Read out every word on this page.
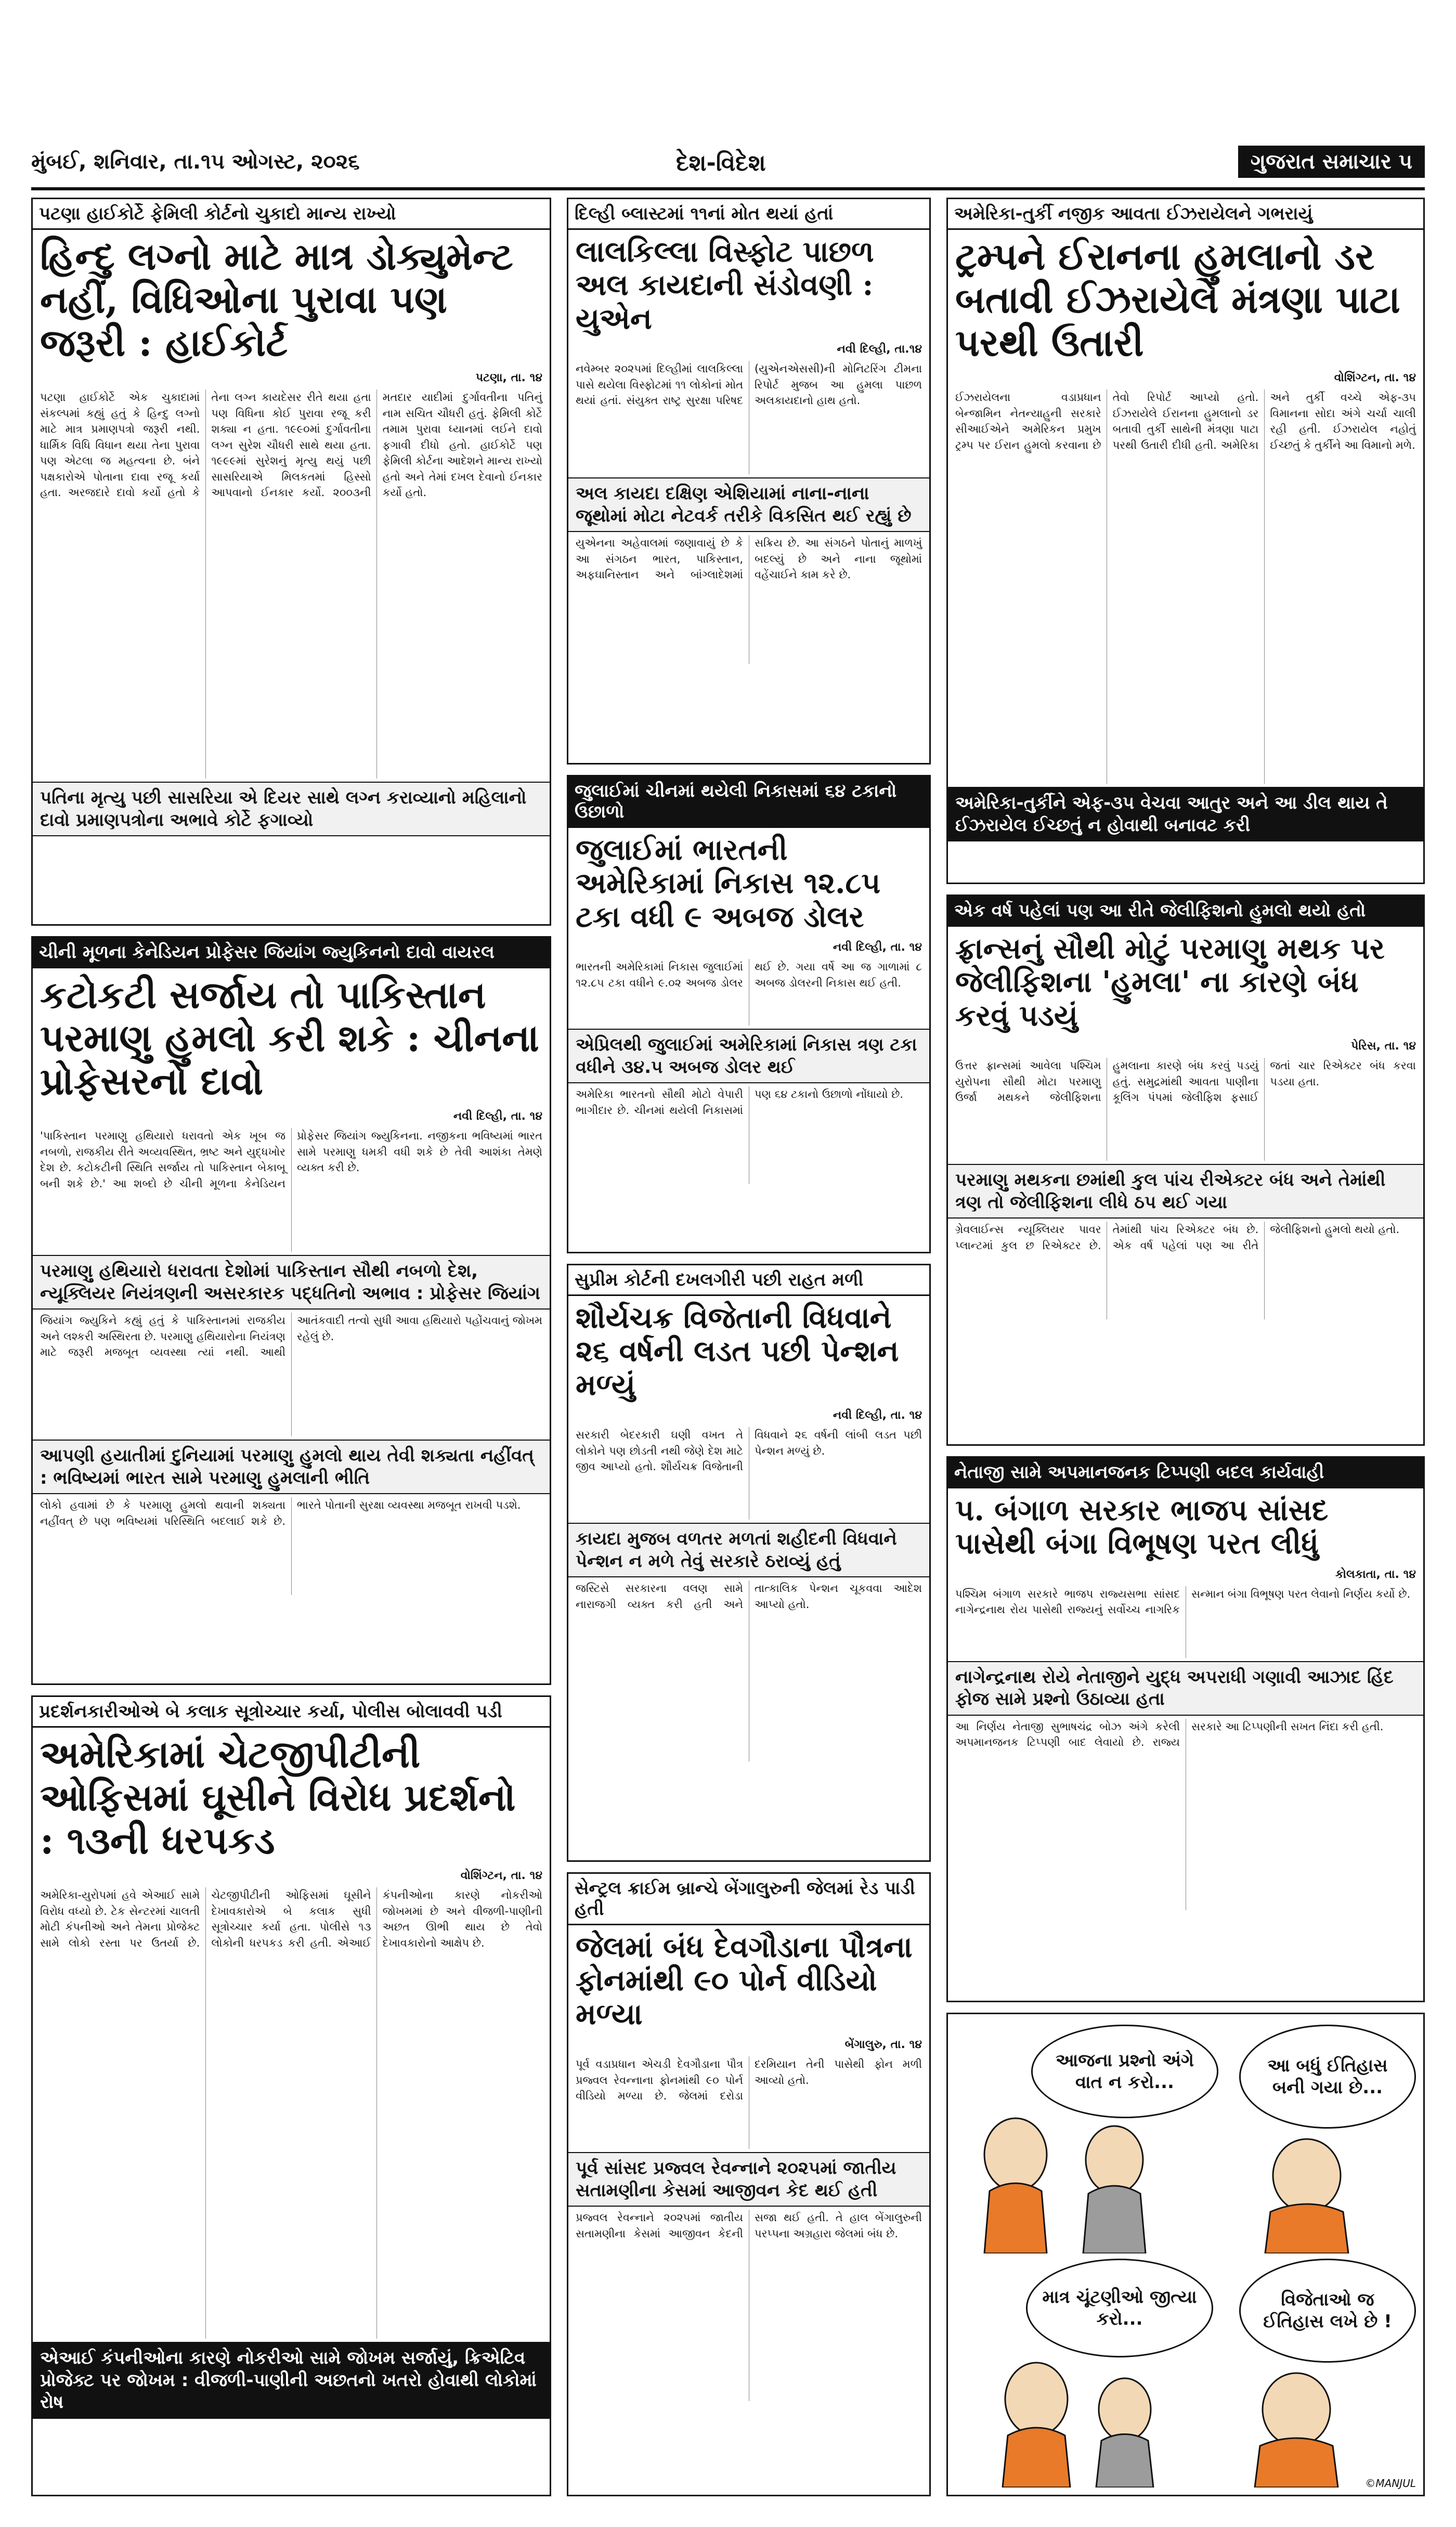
મુંબઈ, શનિવાર, તા.૧૫ ઓગસ્ટ, ૨૦૨૬	દેશ-વિદેશ	ગુજરાત સમાચાર ૫
પટણા હાઈકોર્ટે ફેમિલી કોર્ટનો ચુકાદો માન્ય રાખ્યો
હિન્દુ લગ્નો માટે માત્ર ડોક્યુમેન્ટ નહીં, વિધિઓના પુરાવા પણ જરૂરી : હાઈકોર્ટ
પટણા, તા. ૧૪
પટણા હાઈકોર્ટે એક ચુકાદામાં સંકલ્પમાં કહ્યું હતું કે હિન્દુ લગ્નો માટે માત્ર પ્રમાણપત્રો જરૂરી નથી. ધાર્મિક વિધિ વિધાન થયા તેના પુરાવા પણ એટલા જ મહત્વના છે. બંને પક્ષકારોએ પોતાના દાવા રજૂ કર્યા હતા. અરજદારે દાવો કર્યો હતો કે તેના લગ્ન કાયદેસર રીતે થયા હતા પણ વિધિના કોઈ પુરાવા રજૂ કરી શક્યા ન હતા. ૧૯૯૦માં દુર્ગાવતીના લગ્ન સુરેશ ચૌધરી સાથે થયા હતા. ૧૯૯૯માં સુરેશનું મૃત્યુ થયું પછી સાસરિયાએ મિલકતમાં હિસ્સો આપવાનો ઈનકાર કર્યો. ૨૦૦૩ની મતદાર યાદીમાં દુર્ગાવતીના પતિનું નામ સચિત ચૌધરી હતું. ફેમિલી કોર્ટે તમામ પુરાવા ધ્યાનમાં લઈને દાવો ફગાવી દીધો હતો. હાઈકોર્ટે પણ ફેમિલી કોર્ટના આદેશને માન્ય રાખ્યો હતો અને તેમાં દખલ દેવાનો ઈનકાર કર્યો હતો.
પતિના મૃત્યુ પછી સાસરિયા એ દિયર સાથે લગ્ન કરાવ્યાનો મહિલાનો દાવો પ્રમાણપત્રોના અભાવે કોર્ટે ફગાવ્યો
ચીની મૂળના કેનેડિયન પ્રોફેસર જિયાંગ જ્યુકિનનો દાવો વાયરલ
કટોકટી સર્જાય તો પાકિસ્તાન પરમાણુ હુમલો કરી શકે : ચીનના પ્રોફેસરનો દાવો
નવી દિલ્હી, તા. ૧૪
'પાકિસ્તાન પરમાણુ હથિયારો ધરાવતો એક ખૂબ જ નબળો, રાજકીય રીતે અવ્યવસ્થિત, ભ્રષ્ટ અને યુદ્ધખોર દેશ છે. કટોકટીની સ્થિતિ સર્જાય તો પાકિસ્તાન બેકાબૂ બની શકે છે.' આ શબ્દો છે ચીની મૂળના કેનેડિયન પ્રોફેસર જિયાંગ જ્યુકિનના. નજીકના ભવિષ્યમાં ભારત સામે પરમાણુ ધમકી વધી શકે છે તેવી આશંકા તેમણે વ્યક્ત કરી છે.
પરમાણુ હથિયારો ધરાવતા દેશોમાં પાકિસ્તાન સૌથી નબળો દેશ, ન્યૂક્લિયર નિયંત્રણની અસરકારક પદ્ધતિનો અભાવ : પ્રોફેસર જિયાંગ
જિયાંગ જ્યુકિને કહ્યું હતું કે પાકિસ્તાનમાં રાજકીય અને લશ્કરી અસ્થિરતા છે. પરમાણુ હથિયારોના નિયંત્રણ માટે જરૂરી મજબૂત વ્યવસ્થા ત્યાં નથી. આથી આતંકવાદી તત્વો સુધી આવા હથિયારો પહોંચવાનું જોખમ રહેલું છે.
આપણી હયાતીમાં દુનિયામાં પરમાણુ હુમલો થાય તેવી શક્યતા નહીંવત્ : ભવિષ્યમાં ભારત સામે પરમાણુ હુમલાની ભીતિ
લોકો હવામાં છે કે પરમાણુ હુમલો થવાની શક્યતા નહીંવત્ છે પણ ભવિષ્યમાં પરિસ્થિતિ બદલાઈ શકે છે. ભારતે પોતાની સુરક્ષા વ્યવસ્થા મજબૂત રાખવી પડશે.
પ્રદર્શનકારીઓએ બે કલાક સૂત્રોચ્ચાર કર્યા, પોલીસ બોલાવવી પડી
અમેરિકામાં ચેટજીપીટીની ઓફિસમાં ઘૂસીને વિરોધ પ્રદર્શનો : ૧૩ની ધરપકડ
વોશિંગ્ટન, તા. ૧૪
અમેરિકા-યુરોપમાં હવે એઆઈ સામે વિરોધ વધ્યો છે. ટેક સેન્ટરમાં ચાલતી મોટી કંપનીઓ અને તેમના પ્રોજેક્ટ સામે લોકો રસ્તા પર ઉતર્યા છે. ચેટજીપીટીની ઓફિસમાં ઘૂસીને દેખાવકારોએ બે કલાક સુધી સૂત્રોચ્ચાર કર્યા હતા. પોલીસે ૧૩ લોકોની ધરપકડ કરી હતી. એઆઈ કંપનીઓના કારણે નોકરીઓ જોખમમાં છે અને વીજળી-પાણીની અછત ઊભી થાય છે તેવો દેખાવકારોનો આક્ષેપ છે.
એઆઈ કંપનીઓના કારણે નોકરીઓ સામે જોખમ સર્જાયું, ક્રિએટિવ પ્રોજેક્ટ પર જોખમ : વીજળી-પાણીની અછતનો ખતરો હોવાથી લોકોમાં રોષ
દિલ્હી બ્લાસ્ટમાં ૧૧નાં મોત થયાં હતાં
લાલકિલ્લા વિસ્ફોટ પાછળ અલ કાયદાની સંડોવણી : યુએન
નવી દિલ્હી, તા.૧૪
નવેમ્બર ૨૦૨૫માં દિલ્હીમાં લાલકિલ્લા પાસે થયેલા વિસ્ફોટમાં ૧૧ લોકોનાં મોત થયાં હતાં. સંયુક્ત રાષ્ટ્ર સુરક્ષા પરિષદ (યુએનએસસી)ની મોનિટરિંગ ટીમના રિપોર્ટ મુજબ આ હુમલા પાછળ અલકાયદાનો હાથ હતો.
અલ કાયદા દક્ષિણ એશિયામાં નાના-નાના જૂથોમાં મોટા નેટવર્ક તરીકે વિકસિત થઈ રહ્યું છે
યુએનના અહેવાલમાં જણાવાયું છે કે આ સંગઠન ભારત, પાકિસ્તાન, અફઘાનિસ્તાન અને બાંગ્લાદેશમાં સક્રિય છે. આ સંગઠને પોતાનું માળખું બદલ્યું છે અને નાના જૂથોમાં વહેંચાઈને કામ કરે છે.
જુલાઈમાં ચીનમાં થયેલી નિકાસમાં ૬૪ ટકાનો ઉછાળો
જુલાઈમાં ભારતની અમેરિકામાં નિકાસ ૧૨.૮૫ ટકા વધી ૯ અબજ ડોલર
નવી દિલ્હી, તા. ૧૪
ભારતની અમેરિકામાં નિકાસ જુલાઈમાં ૧૨.૮૫ ટકા વધીને ૯.૦૨ અબજ ડોલર થઈ છે. ગયા વર્ષે આ જ ગાળામાં ૮ અબજ ડોલરની નિકાસ થઈ હતી.
એપ્રિલથી જુલાઈમાં અમેરિકામાં નિકાસ ત્રણ ટકા વધીને ૩૪.૫ અબજ ડોલર થઈ
અમેરિકા ભારતનો સૌથી મોટો વેપારી ભાગીદાર છે. ચીનમાં થયેલી નિકાસમાં પણ ૬૪ ટકાનો ઉછાળો નોંધાયો છે.
સુપ્રીમ કોર્ટની દખલગીરી પછી રાહત મળી
શૌર્યચક્ર વિજેતાની વિધવાને ૨૬ વર્ષની લડત પછી પેન્શન મળ્યું
નવી દિલ્હી, તા. ૧૪
સરકારી બેદરકારી ઘણી વખત તે લોકોને પણ છોડતી નથી જેણે દેશ માટે જીવ આપ્યો હતો. શૌર્યચક્ર વિજેતાની વિધવાને ૨૬ વર્ષની લાંબી લડત પછી પેન્શન મળ્યું છે.
કાયદા મુજબ વળતર મળતાં શહીદની વિધવાને પેન્શન ન મળે તેવું સરકારે ઠરાવ્યું હતું
જસ્ટિસે સરકારના વલણ સામે નારાજગી વ્યક્ત કરી હતી અને તાત્કાલિક પેન્શન ચૂકવવા આદેશ આપ્યો હતો.
સેન્ટ્રલ ક્રાઈમ બ્રાન્ચે બેંગાલુરુની જેલમાં રેડ પાડી હતી
જેલમાં બંધ દેવગૌડાના પૌત્રના ફોનમાંથી ૯૦ પોર્ન વીડિયો મળ્યા
બેંગાલુરુ, તા. ૧૪
પૂર્વ વડાપ્રધાન એચડી દેવગૌડાના પૌત્ર પ્રજ્વલ રેવન્નાના ફોનમાંથી ૯૦ પોર્ન વીડિયો મળ્યા છે. જેલમાં દરોડા દરમિયાન તેની પાસેથી ફોન મળી આવ્યો હતો.
પૂર્વ સાંસદ પ્રજ્વલ રેવન્નાને ૨૦૨૫માં જાતીય સતામણીના કેસમાં આજીવન કેદ થઈ હતી
પ્રજ્વલ રેવન્નાને ૨૦૨૫માં જાતીય સતામણીના કેસમાં આજીવન કેદની સજા થઈ હતી. તે હાલ બેંગાલુરુની પરપ્પના અગ્રહારા જેલમાં બંધ છે.
અમેરિકા-તુર્કી નજીક આવતા ઈઝરાયેલને ગભરાયું
ટ્રમ્પને ઈરાનના હુમલાનો ડર બતાવી ઈઝરાયેલે મંત્રણા પાટા પરથી ઉતારી
વોશિંગ્ટન, તા. ૧૪
ઈઝરાયેલના વડાપ્રધાન બેન્જામિન નેતન્યાહુની સરકારે સીઆઈએને અમેરિકન પ્રમુખ ટ્રમ્પ પર ઈરાન હુમલો કરવાના છે તેવો રિપોર્ટ આપ્યો હતો. ઈઝરાયેલે ઈરાનના હુમલાનો ડર બતાવી તુર્કી સાથેની મંત્રણા પાટા પરથી ઉતારી દીધી હતી. અમેરિકા અને તુર્કી વચ્ચે એફ-૩૫ વિમાનના સોદા અંગે ચર્ચા ચાલી રહી હતી. ઈઝરાયેલ નહોતું ઈચ્છતું કે તુર્કીને આ વિમાનો મળે.
અમેરિકા-તુર્કીને એફ-૩૫ વેચવા આતુર અને આ ડીલ થાય તે ઈઝરાયેલ ઈચ્છતું ન હોવાથી બનાવટ કરી
એક વર્ષ પહેલાં પણ આ રીતે જેલીફિશનો હુમલો થયો હતો
ફ્રાન્સનું સૌથી મોટું પરમાણુ મથક પર જેલીફિશના 'હુમલા' ના કારણે બંધ કરવું પડયું
પેરિસ, તા. ૧૪
ઉત્તર ફ્રાન્સમાં આવેલા પશ્ચિમ યુરોપના સૌથી મોટા પરમાણુ ઉર્જા મથકને જેલીફિશના હુમલાના કારણે બંધ કરવું પડયું હતું. સમુદ્રમાંથી આવતા પાણીના કૂલિંગ પંપમાં જેલીફિશ ફસાઈ જતાં ચાર રિએક્ટર બંધ કરવા પડયા હતા.
પરમાણુ મથકના છમાંથી કુલ પાંચ રીએક્ટર બંધ અને તેમાંથી ત્રણ તો જેલીફિશના લીધે ઠપ થઈ ગયા
ગ્રેવલાઈન્સ ન્યૂક્લિયર પાવર પ્લાન્ટમાં કુલ છ રિએક્ટર છે. તેમાંથી પાંચ રિએક્ટર બંધ છે. એક વર્ષ પહેલાં પણ આ રીતે જેલીફિશનો હુમલો થયો હતો.
નેતાજી સામે અપમાનજનક ટિપ્પણી બદલ કાર્યવાહી
પ. બંગાળ સરકાર ભાજપ સાંસદ પાસેથી બંગા વિભૂષણ પરત લીધું
કોલકાતા, તા. ૧૪
પશ્ચિમ બંગાળ સરકારે ભાજપ રાજ્યસભા સાંસદ નાગેન્દ્રનાથ રોય પાસેથી રાજ્યનું સર્વોચ્ચ નાગરિક સન્માન બંગા વિભૂષણ પરત લેવાનો નિર્ણય કર્યો છે.
નાગેન્દ્રનાથ રોયે નેતાજીને યુદ્ધ અપરાધી ગણાવી આઝાદ હિંદ ફોજ સામે પ્રશ્નો ઉઠાવ્યા હતા
આ નિર્ણય નેતાજી સુભાષચંદ્ર બોઝ અંગે કરેલી અપમાનજનક ટિપ્પણી બાદ લેવાયો છે. રાજ્ય સરકારે આ ટિપ્પણીની સખત નિંદા કરી હતી.
આજના પ્રશ્નો અંગે વાત ન કરો...
આ બધું ઈતિહાસ બની ગયા છે...
માત્ર ચૂંટણીઓ જીત્યા કરો...
વિજેતાઓ જ ઈતિહાસ લખે છે !
©MANJUL
